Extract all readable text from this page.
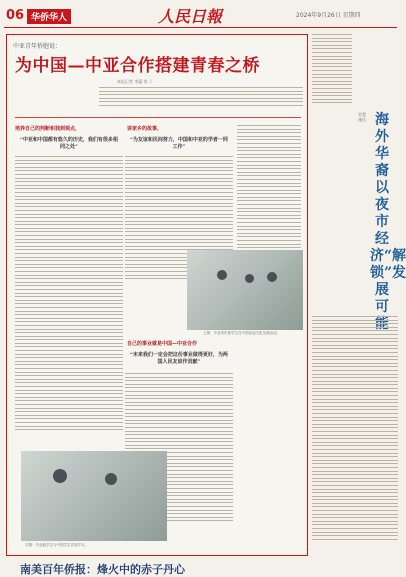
06 华侨华人	人民日報	2024年9月26日 星期四
中亚青年侨胞说：
为中国—中亚合作搭建青春之桥
本报记者 李蕴 常 子
培养自己的判断和独到观点，
“中亚和中国都有悠久的历史，我们有很多相同之处”
讲家乡的故事，
“为友谊和民间努力，中国和中亚的学者一同工作”
自己的事业就是中国—中亚合作
“未来我们一定会把这份事业做得更好，为两国人民友谊作贡献”
上图：中亚青年留学生在中国参加文化交流活动。
右图：中亚留学生与中国学生共同学习。
刘慧 施佳 海外华裔以夜市经济“解锁”发展可
南美百年侨报：烽火中的赤子丹心
